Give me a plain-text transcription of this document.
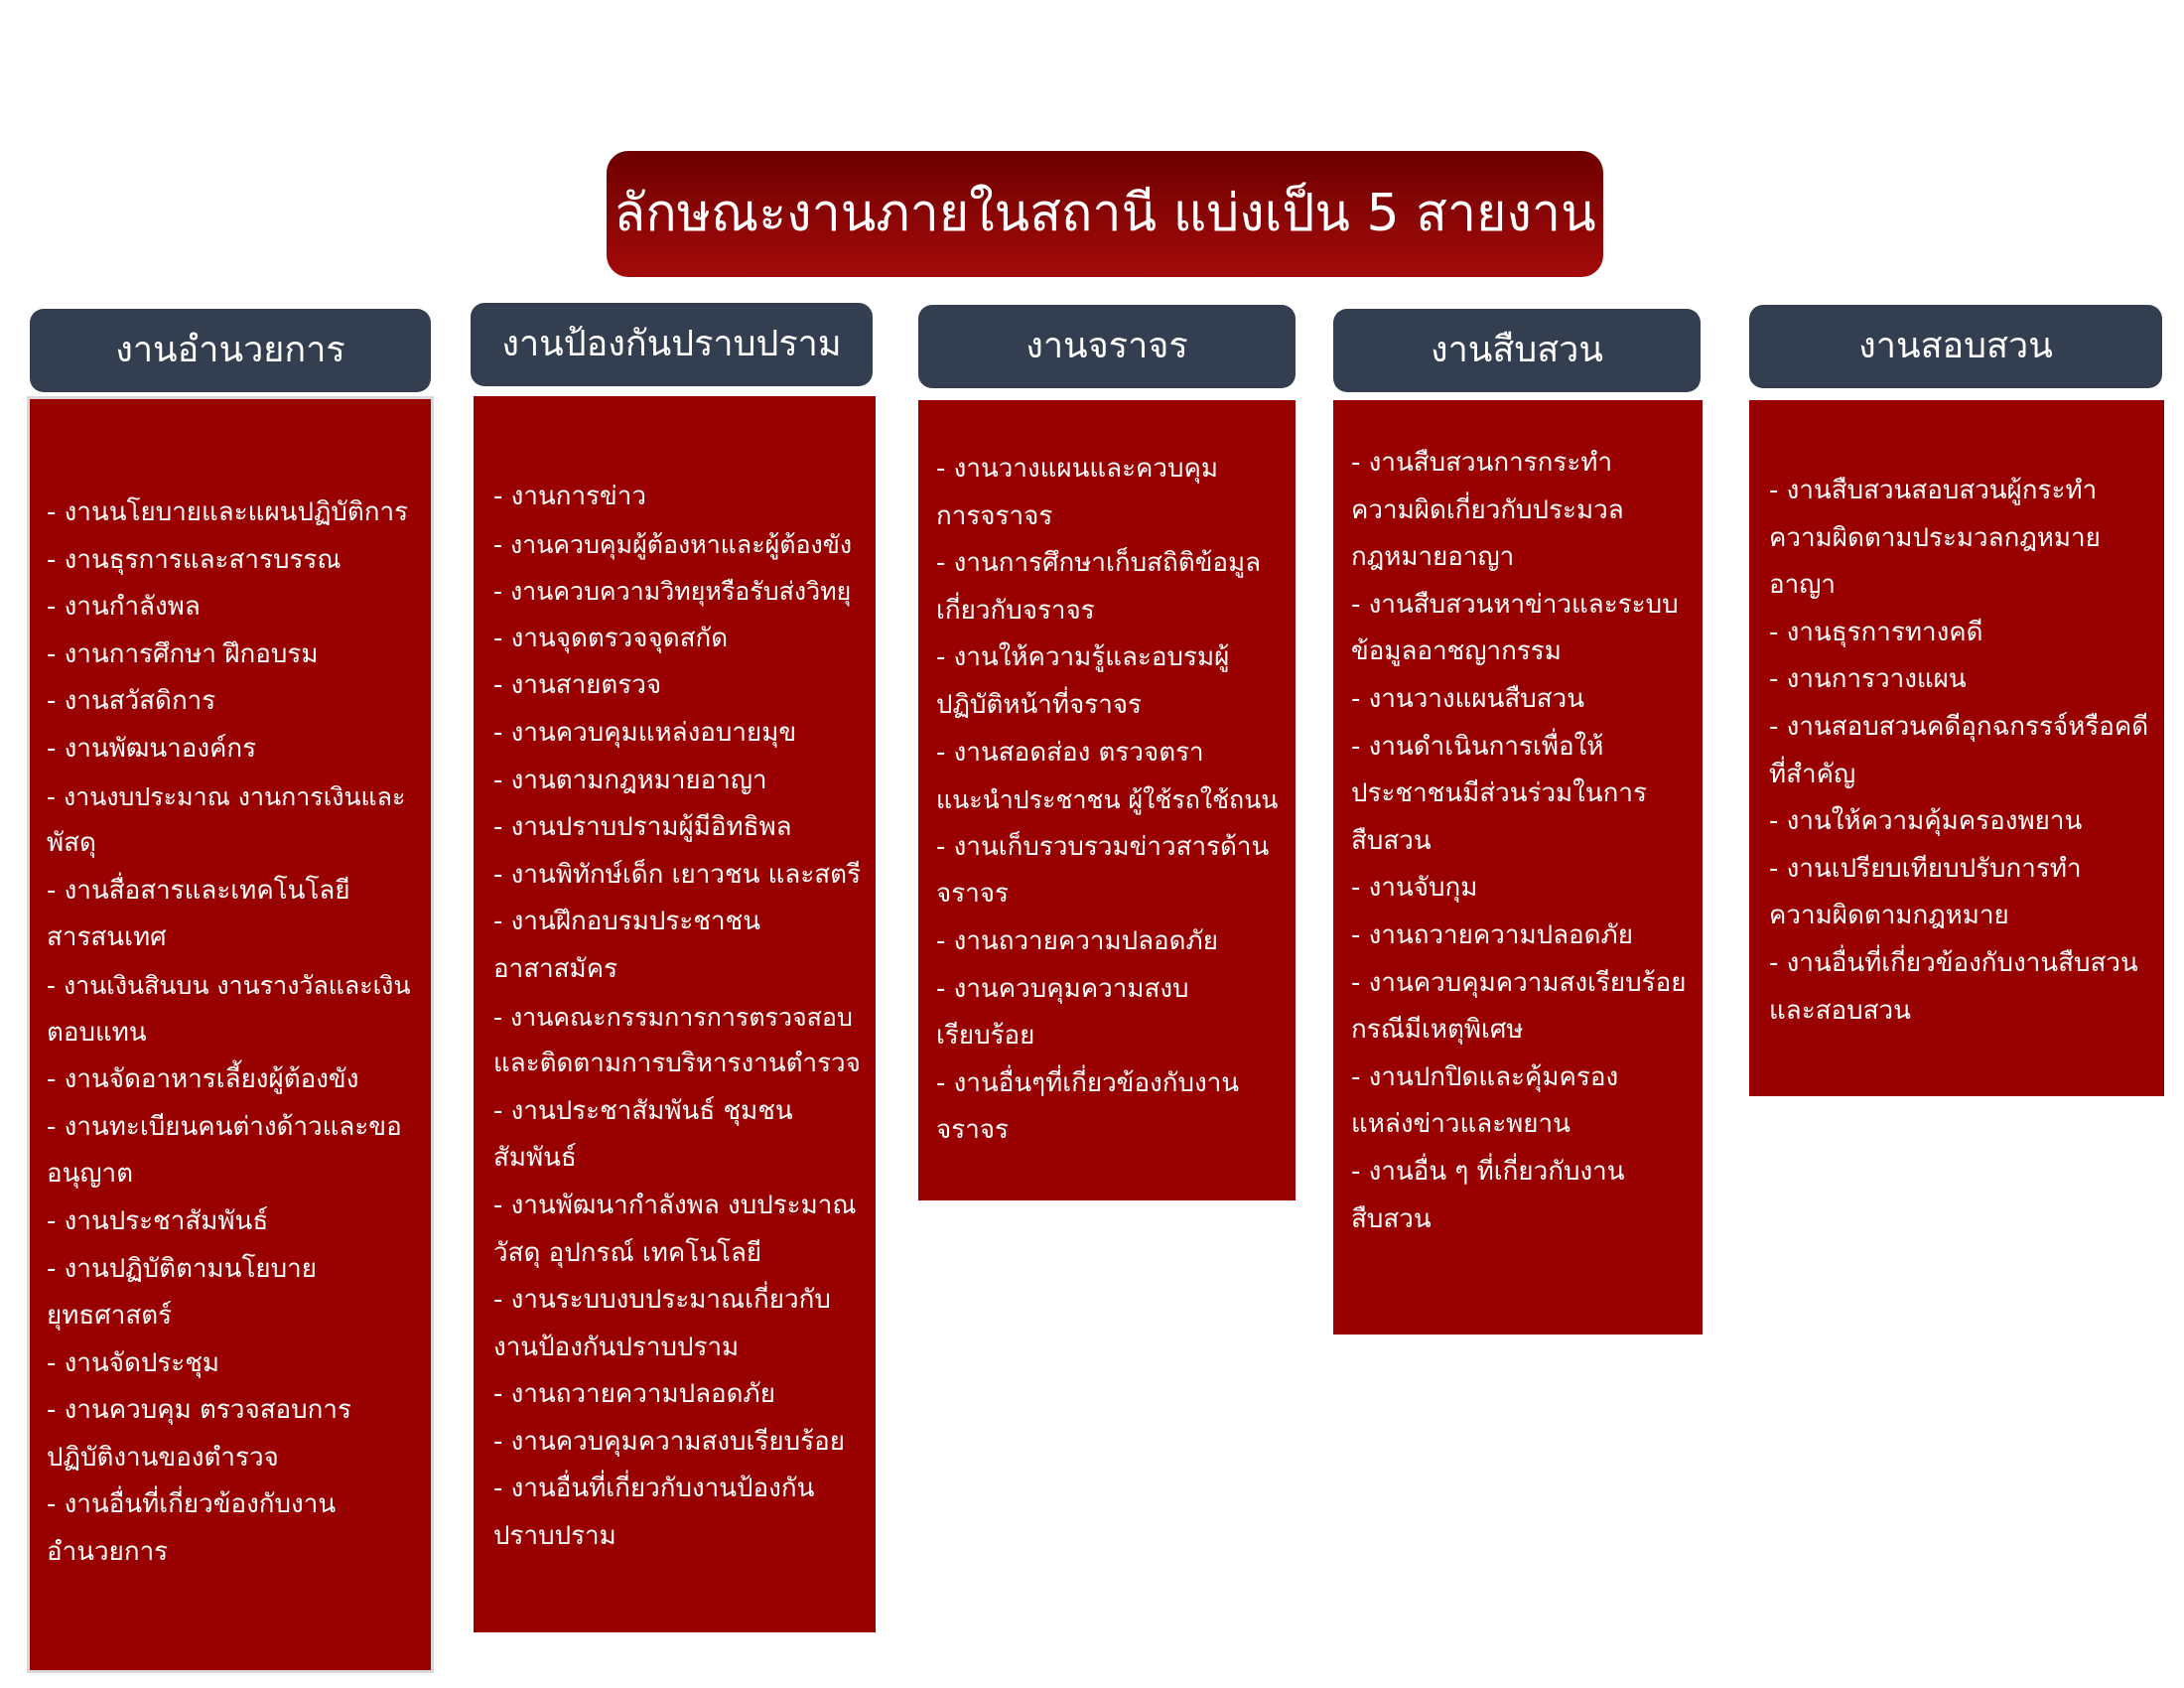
ลักษณะงานภายในสถานี แบ่งเป็น 5 สายงาน
งานอำนวยการ
- งานนโยบายและแผนปฏิบัติการ
- งานธุรการและสารบรรณ
- งานกำลังพล
- งานการศึกษา ฝึกอบรม
- งานสวัสดิการ
- งานพัฒนาองค์กร
- งานงบประมาณ งานการเงินและ
พัสดุ
- งานสื่อสารและเทคโนโลยี
สารสนเทศ
- งานเงินสินบน งานรางวัลและเงิน
ตอบแทน
- งานจัดอาหารเลี้ยงผู้ต้องขัง
- งานทะเบียนคนต่างด้าวและขอ
อนุญาต
- งานประชาสัมพันธ์
- งานปฏิบัติตามนโยบาย
ยุทธศาสตร์
- งานจัดประชุม
- งานควบคุม ตรวจสอบการ
ปฏิบัติงานของตำรวจ
- งานอื่นที่เกี่ยวข้องกับงาน
อำนวยการ
งานป้องกันปราบปราม
- งานการข่าว
- งานควบคุมผู้ต้องหาและผู้ต้องขัง
- งานควบความวิทยุหรือรับส่งวิทยุ
- งานจุดตรวจจุดสกัด
- งานสายตรวจ
- งานควบคุมแหล่งอบายมุข
- งานตามกฎหมายอาญา
- งานปราบปรามผู้มีอิทธิพล
- งานพิทักษ์เด็ก เยาวชน และสตรี
- งานฝึกอบรมประชาชน
อาสาสมัคร
- งานคณะกรรมการการตรวจสอบ
และติดตามการบริหารงานตำรวจ
- งานประชาสัมพันธ์ ชุมชน
สัมพันธ์
- งานพัฒนากำลังพล งบประมาณ
วัสดุ อุปกรณ์ เทคโนโลยี
- งานระบบงบประมาณเกี่ยวกับ
งานป้องกันปราบปราม
- งานถวายความปลอดภัย
- งานควบคุมความสงบเรียบร้อย
- งานอื่นที่เกี่ยวกับงานป้องกัน
ปราบปราม
งานจราจร
- งานวางแผนและควบคุม
การจราจร
- งานการศึกษาเก็บสถิติข้อมูล
เกี่ยวกับจราจร
- งานให้ความรู้และอบรมผู้
ปฏิบัติหน้าที่จราจร
- งานสอดส่อง ตรวจตรา
แนะนำประชาชน ผู้ใช้รถใช้ถนน
- งานเก็บรวบรวมข่าวสารด้าน
จราจร
- งานถวายความปลอดภัย
- งานควบคุมความสงบ
เรียบร้อย
- งานอื่นๆที่เกี่ยวข้องกับงาน
จราจร
งานสืบสวน
- งานสืบสวนการกระทำ
ความผิดเกี่ยวกับประมวล
กฎหมายอาญา
- งานสืบสวนหาข่าวและระบบ
ข้อมูลอาชญากรรม
- งานวางแผนสืบสวน
- งานดำเนินการเพื่อให้
ประชาชนมีส่วนร่วมในการ
สืบสวน
- งานจับกุม
- งานถวายความปลอดภัย
- งานควบคุมความสงเรียบร้อย
กรณีมีเหตุพิเศษ
- งานปกปิดและคุ้มครอง
แหล่งข่าวและพยาน
- งานอื่น ๆ ที่เกี่ยวกับงาน
สืบสวน
งานสอบสวน
- งานสืบสวนสอบสวนผู้กระทำ
ความผิดตามประมวลกฎหมาย
อาญา
- งานธุรการทางคดี
- งานการวางแผน
- งานสอบสวนคดีอุกฉกรรจ์หรือคดี
ที่สำคัญ
- งานให้ความคุ้มครองพยาน
- งานเปรียบเทียบปรับการทำ
ความผิดตามกฎหมาย
- งานอื่นที่เกี่ยวข้องกับงานสืบสวน
และสอบสวน
